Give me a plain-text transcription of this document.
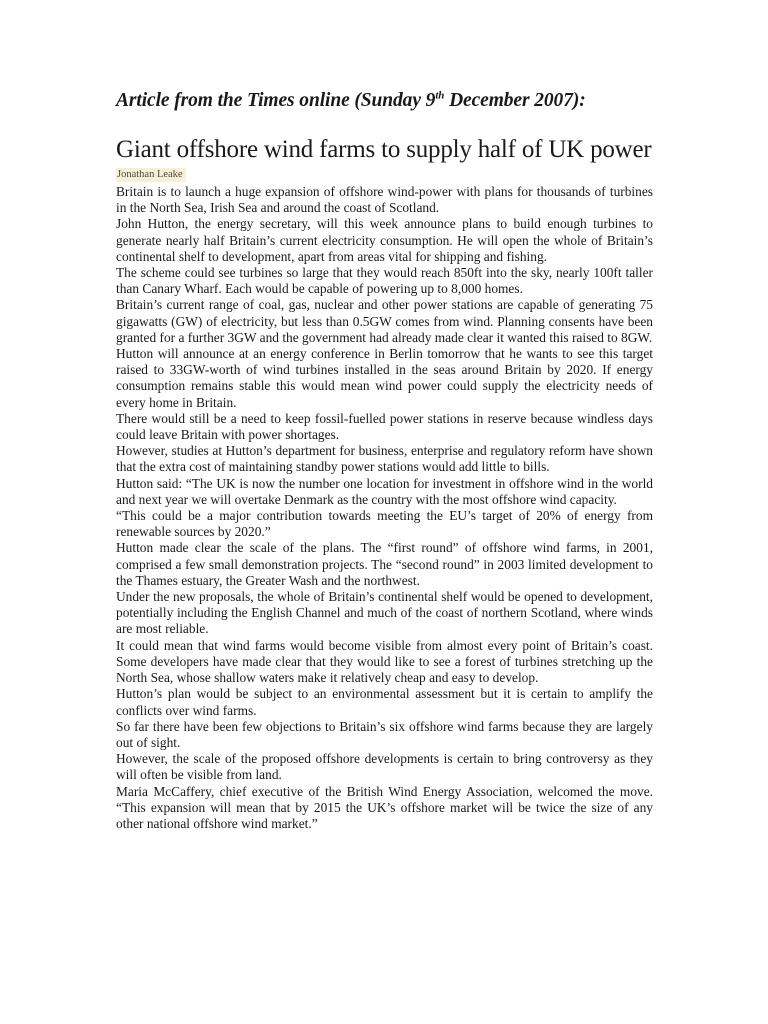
Article from the Times online (Sunday 9th December 2007):
Giant offshore wind farms to supply half of UK power
Jonathan Leake

Britain is to launch a huge expansion of offshore wind-power with plans for thousands of turbines in the North Sea, Irish Sea and around the coast of Scotland.

John Hutton, the energy secretary, will this week announce plans to build enough turbines to generate nearly half Britain’s current electricity consumption. He will open the whole of Britain’s continental shelf to development, apart from areas vital for shipping and fishing.

The scheme could see turbines so large that they would reach 850ft into the sky, nearly 100ft taller than Canary Wharf. Each would be capable of powering up to 8,000 homes.

Britain’s current range of coal, gas, nuclear and other power stations are capable of generating 75 gigawatts (GW) of electricity, but less than 0.5GW comes from wind. Planning consents have been granted for a further 3GW and the government had already made clear it wanted this raised to 8GW.

Hutton will announce at an energy conference in Berlin tomorrow that he wants to see this target raised to 33GW-worth of wind turbines installed in the seas around Britain by 2020. If energy consumption remains stable this would mean wind power could supply the electricity needs of every home in Britain.

There would still be a need to keep fossil-fuelled power stations in reserve because windless days could leave Britain with power shortages.

However, studies at Hutton’s department for business, enterprise and regulatory reform have shown that the extra cost of maintaining standby power stations would add little to bills.

Hutton said: “The UK is now the number one location for investment in offshore wind in the world and next year we will overtake Denmark as the country with the most offshore wind capacity.

“This could be a major contribution towards meeting the EU’s target of 20% of energy from renewable sources by 2020.”

Hutton made clear the scale of the plans. The “first round” of offshore wind farms, in 2001, comprised a few small demonstration projects. The “second round” in 2003 limited development to the Thames estuary, the Greater Wash and the northwest.

Under the new proposals, the whole of Britain’s continental shelf would be opened to development, potentially including the English Channel and much of the coast of northern Scotland, where winds are most reliable.

It could mean that wind farms would become visible from almost every point of Britain’s coast. Some developers have made clear that they would like to see a forest of turbines stretching up the North Sea, whose shallow waters make it relatively cheap and easy to develop.

Hutton’s plan would be subject to an environmental assessment but it is certain to amplify the conflicts over wind farms.

So far there have been few objections to Britain’s six offshore wind farms because they are largely out of sight.

However, the scale of the proposed offshore developments is certain to bring controversy as they will often be visible from land.

Maria McCaffery, chief executive of the British Wind Energy Association, welcomed the move. “This expansion will mean that by 2015 the UK’s offshore market will be twice the size of any other national offshore wind market.”
